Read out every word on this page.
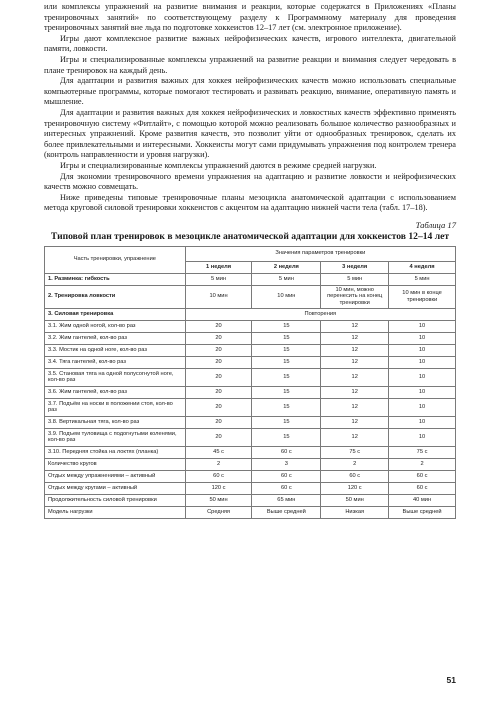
или комплексы упражнений на развитие внимания и реакции, которые содержатся в Приложениях «Планы тренировочных занятий» по соответствующему разделу к Программному материалу для проведения тренировочных занятий вне льда по подготовке хоккеистов 12–17 лет (см. электронное приложение).

Игры дают комплексное развитие важных нейрофизических качеств, игрового интеллекта, двигательной памяти, ловкости.

Игры и специализированные комплексы упражнений на развитие реакции и внимания следует чередовать в плане тренировок на каждый день.

Для адаптации и развития важных для хоккея нейрофизических качеств можно использовать специальные компьютерные программы, которые помогают тестировать и развивать реакцию, внимание, оперативную память и мышление.

Для адаптации и развития важных для хоккея нейрофизических и ловкостных качеств эффективно применять тренировочную систему «Фитлайт», с помощью которой можно реализовать большое количество разнообразных и интересных упражнений. Кроме развития качеств, это позволит уйти от однообразных тренировок, сделать их более привлекательными и интересными. Хоккеисты могут сами придумывать упражнения под контролем тренера (контроль направленности и уровня нагрузки).

Игры и специализированные комплексы упражнений даются в режиме средней нагрузки.

Для экономии тренировочного времени упражнения на адаптацию и развитие ловкости и нейрофизических качеств можно совмещать.

Ниже приведены типовые тренировочные планы мезоцикла анатомической адаптации с использованием метода круговой силовой тренировки хоккеистов с акцентом на адаптацию нижней части тела (табл. 17–18).

Таблица 17
Типовой план тренировок в мезоцикле анатомической адаптации для хоккеистов 12–14 лет
Часть тренировки, упражнение	Значения параметров тренировки			
	1 неделя	2 неделя	3 неделя	4 неделя
1. Разминка: гибкость	5 мин	5 мин	5 мин	5 мин
2. Тренировка ловкости	10 мин	10 мин	10 мин, можно перенесить на конец тренировки	10 мин в конце тренировки
3. Силовая тренировка	Повторения			
3.1. Жим одной ногой, кол-во раз	20	15	12	10
3.2. Жим гантелей, кол-во раз	20	15	12	10
3.3. Мостик на одной ноге, кол-во раз	20	15	12	10
3.4. Тяга гантелей, кол-во раз	20	15	12	10
3.5. Становая тяга на одной полусогнутой ноге, кол-во раз	20	15	12	10
3.6. Жим гантелей, кол-во раз	20	15	12	10
3.7. Подъём на носки в положении стоя, кол-во раз	20	15	12	10
3.8. Вертикальная тяга, кол-во раз	20	15	12	10
3.9. Подъем туловища с подогнутыми коленями, кол-во раз	20	15	12	10
3.10. Передняя стойка на локтях (планка)	45 с	60 с	75 с	75 с
Количество кругов	2	3	2	2
Отдых между упражнениями – активный	60 с	60 с	60 с	60 с
Отдых между кругами – активный	120 с	60 с	120 с	60 с
Продолжительность силовой тренировки	50 мин	65 мин	50 мин	40 мин
Модель нагрузки	Средняя	Выше средней	Низкая	Выше средней
51
